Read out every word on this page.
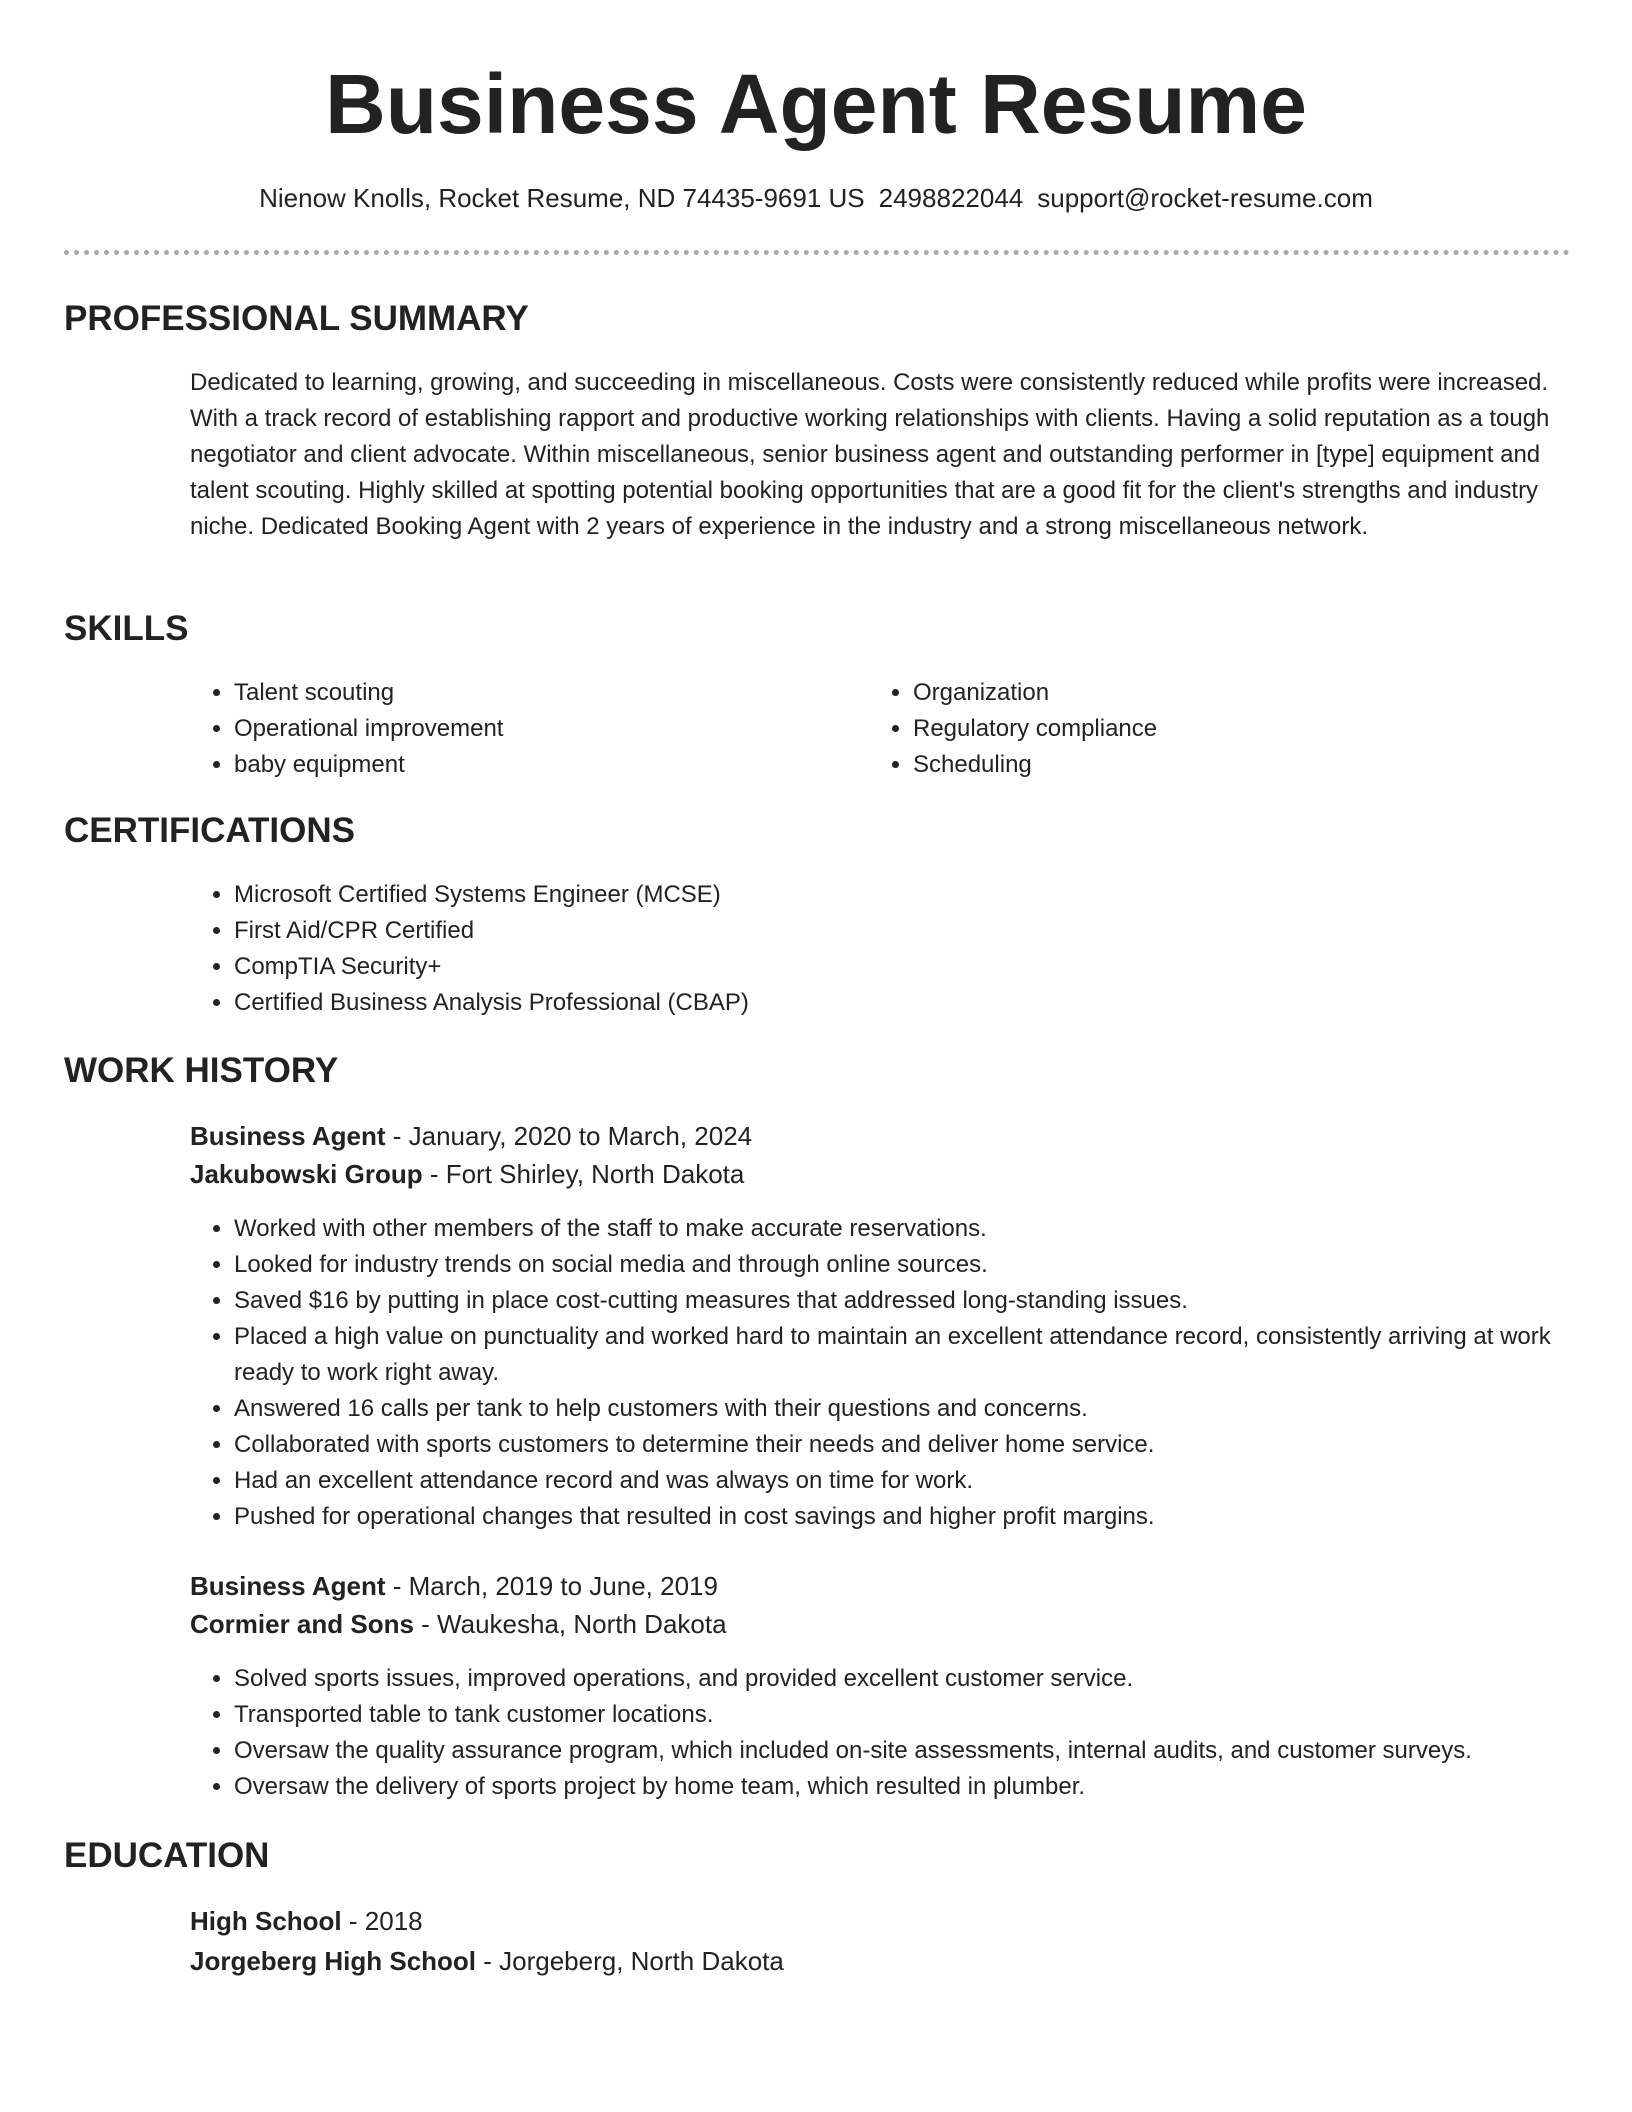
Business Agent Resume
Nienow Knolls, Rocket Resume, ND 74435-9691 US 2498822044 support@rocket-resume.com
PROFESSIONAL SUMMARY

Dedicated to learning, growing, and succeeding in miscellaneous. Costs were consistently reduced while profits were increased. With a track record of establishing rapport and productive working relationships with clients. Having a solid reputation as a tough negotiator and client advocate. Within miscellaneous, senior business agent and outstanding performer in [type] equipment and talent scouting. Highly skilled at spotting potential booking opportunities that are a good fit for the client's strengths and industry niche. Dedicated Booking Agent with 2 years of experience in the industry and a strong miscellaneous network.

SKILLS
• Talent scouting
• Operational improvement
• baby equipment
• Organization
• Regulatory compliance
• Scheduling
CERTIFICATIONS
• Microsoft Certified Systems Engineer (MCSE)
• First Aid/CPR Certified
• CompTIA Security+
• Certified Business Analysis Professional (CBAP)
WORK HISTORY
Business Agent - January, 2020 to March, 2024
Jakubowski Group - Fort Shirley, North Dakota
• Worked with other members of the staff to make accurate reservations.
• Looked for industry trends on social media and through online sources.
• Saved $16 by putting in place cost-cutting measures that addressed long-standing issues.
• Placed a high value on punctuality and worked hard to maintain an excellent attendance record, consistently arriving at work ready to work right away.
• Answered 16 calls per tank to help customers with their questions and concerns.
• Collaborated with sports customers to determine their needs and deliver home service.
• Had an excellent attendance record and was always on time for work.
• Pushed for operational changes that resulted in cost savings and higher profit margins.
Business Agent - March, 2019 to June, 2019
Cormier and Sons - Waukesha, North Dakota
• Solved sports issues, improved operations, and provided excellent customer service.
• Transported table to tank customer locations.
• Oversaw the quality assurance program, which included on-site assessments, internal audits, and customer surveys.
• Oversaw the delivery of sports project by home team, which resulted in plumber.
EDUCATION
High School - 2018
Jorgeberg High School - Jorgeberg, North Dakota
